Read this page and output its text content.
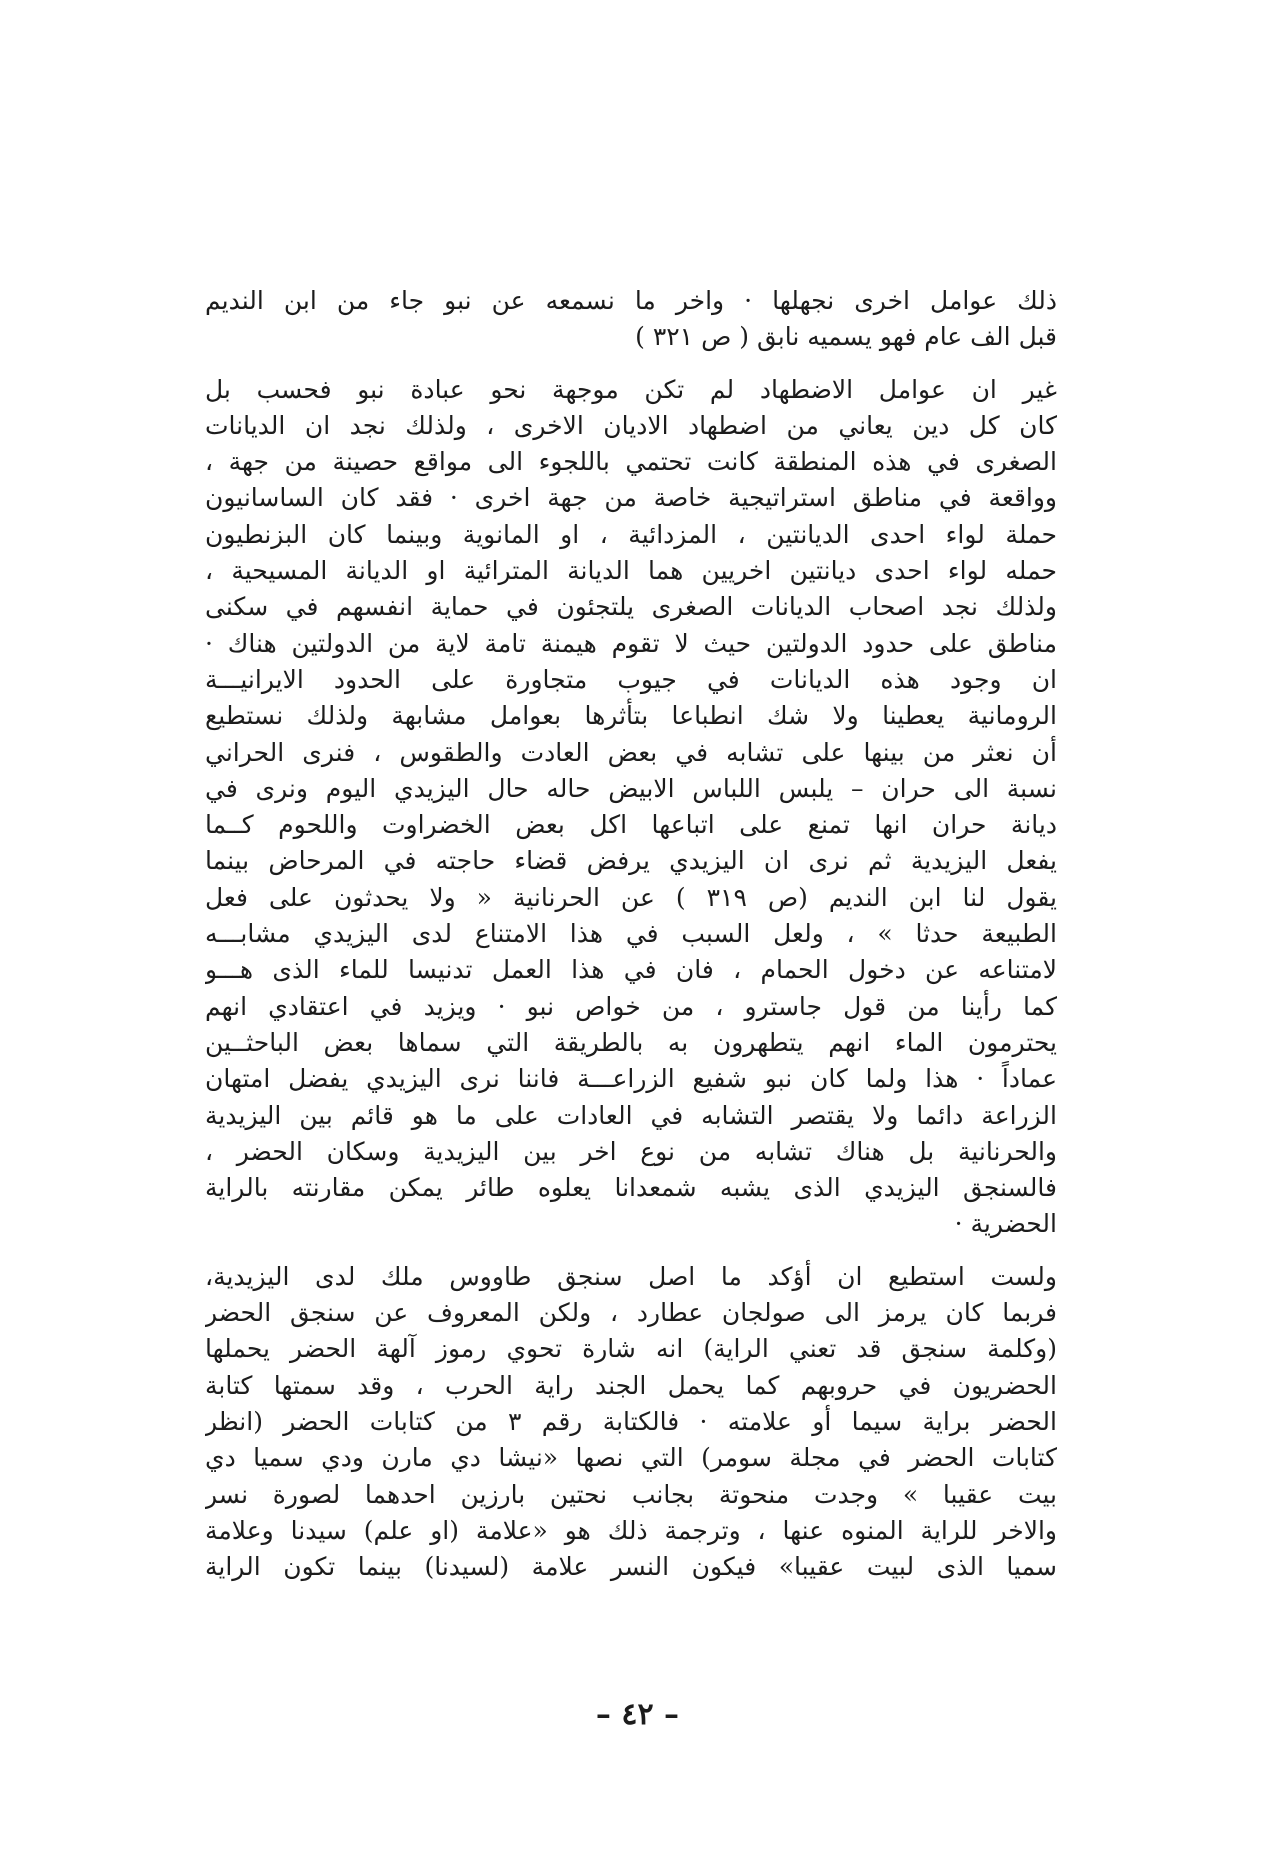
ذلك عوامل اخرى نجهلها · واخر ما نسمعه عن نبو جاء من ابن النديم
قبل الف عام فهو يسميه نابق ( ص ٣٢١ )
غير ان عوامل الاضطهاد لم تكن موجهة نحو عبادة نبو فحسب بل
كان كل دين يعاني من اضطهاد الاديان الاخرى ، ولذلك نجد ان الديانات
الصغرى في هذه المنطقة كانت تحتمي باللجوء الى مواقع حصينة من جهة ،
وواقعة في مناطق استراتيجية خاصة من جهة اخرى · فقد كان الساسانيون
حملة لواء احدى الديانتين ، المزدائية ، او المانوية وبينما كان البزنطيون
حمله لواء احدى ديانتين اخريين هما الديانة المترائية او الديانة المسيحية ،
ولذلك نجد اصحاب الديانات الصغرى يلتجئون في حماية انفسهم في سكنى
مناطق على حدود الدولتين حيث لا تقوم هيمنة تامة لاية من الدولتين هناك ·
ان وجود هذه الديانات في جيوب متجاورة على الحدود الايرانيـــة
الرومانية يعطينا ولا شك انطباعا بتأثرها بعوامل مشابهة ولذلك نستطيع
أن نعثر من بينها على تشابه في بعض العادت والطقوس ، فنرى الحراني
نسبة الى حران – يلبس اللباس الابيض حاله حال اليزيدي اليوم ونرى في
ديانة حران انها تمنع على اتباعها اكل بعض الخضراوت واللحوم كــما
يفعل اليزيدية ثم نرى ان اليزيدي يرفض قضاء حاجته في المرحاض بينما
يقول لنا ابن النديم (ص ٣١٩ ) عن الحرنانية « ولا يحدثون على فعل
الطبيعة حدثا » ، ولعل السبب في هذا الامتناع لدى اليزيدي مشابـــه
لامتناعه عن دخول الحمام ، فان في هذا العمل تدنيسا للماء الذى هـــو
كما رأينا من قول جاسترو ، من خواص نبو · ويزيد في اعتقادي انهم
يحترمون الماء انهم يتطهرون به بالطريقة التي سماها بعض الباحثــين
عماداً · هذا ولما كان نبو شفيع الزراعـــة فاننا نرى اليزيدي يفضل امتهان
الزراعة دائما ولا يقتصر التشابه في العادات على ما هو قائم بين اليزيدية
والحرنانية بل هناك تشابه من نوع اخر بين اليزيدية وسكان الحضر ،
فالسنجق اليزيدي الذى يشبه شمعدانا يعلوه طائر يمكن مقارنته بالراية
الحضرية ·
ولست استطيع ان أؤكد ما اصل سنجق طاووس ملك لدى اليزيدية،
فربما كان يرمز الى صولجان عطارد ، ولكن المعروف عن سنجق الحضر
(وكلمة سنجق قد تعني الراية) انه شارة تحوي رموز آلهة الحضر يحملها
الحضريون في حروبهم كما يحمل الجند راية الحرب ، وقد سمتها كتابة
الحضر براية سيما أو علامته · فالكتابة رقم ٣ من كتابات الحضر (انظر
كتابات الحضر في مجلة سومر) التي نصها «نيشا دي مارن ودي سميا دي
بيت عقيبا » وجدت منحوتة بجانب نحتين بارزين احدهما لصورة نسر
والاخر للراية المنوه عنها ، وترجمة ذلك هو «علامة (او علم) سيدنا وعلامة
سميا الذى لبيت عقيبا» فيكون النسر علامة (لسيدنا) بينما تكون الراية
– ٤٢ –
